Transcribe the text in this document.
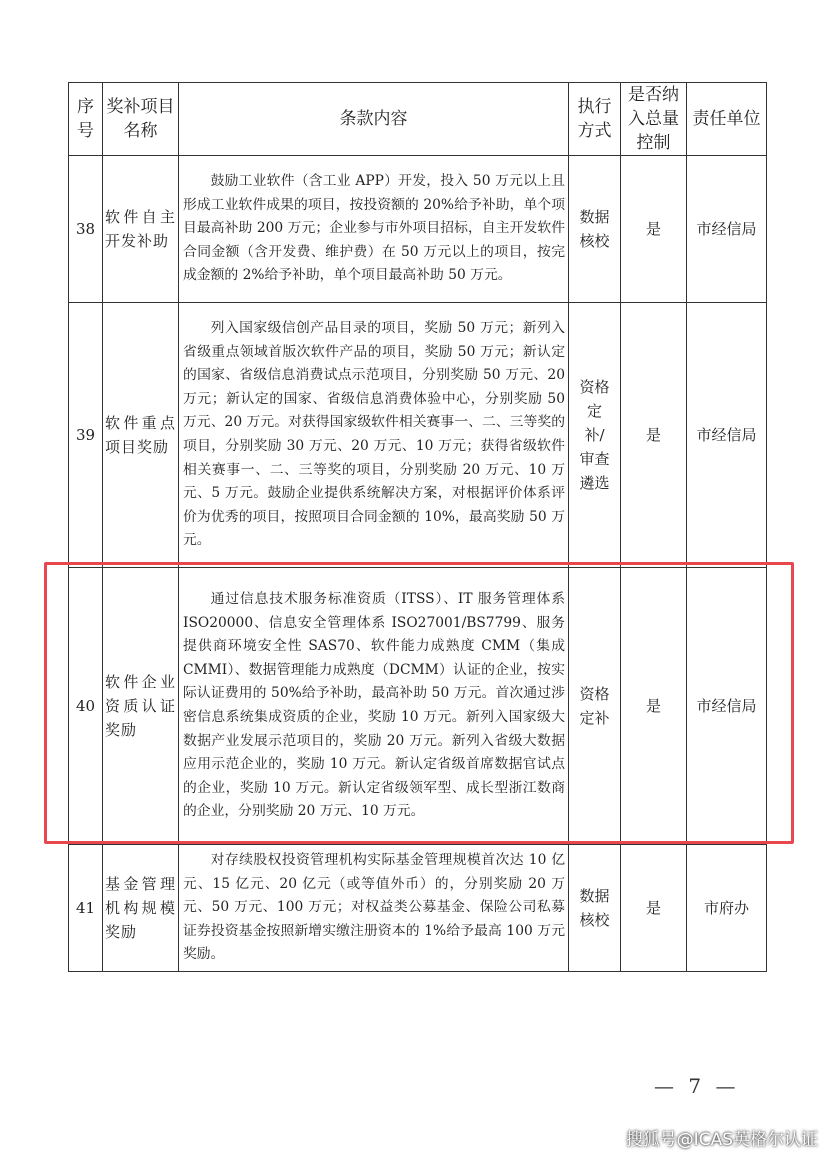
序号	奖补项目名称	条款内容	执行方式	是否纳入总量控制	责任单位
38	软件自主开发补助	鼓励工业软件（含工业 APP）开发，投入 50 万元以上且形成工业软件成果的项目，按投资额的 20%给予补助，单个项目最高补助 200 万元；企业参与市外项目招标，自主开发软件合同金额（含开发费、维护费）在 50 万元以上的项目，按完成金额的 2%给予补助，单个项目最高补助 50 万元。	数据核校	是	市经信局
39	软件重点项目奖励	列入国家级信创产品目录的项目，奖励 50 万元；新列入省级重点领域首版次软件产品的项目，奖励 50 万元；新认定的国家、省级信息消费试点示范项目，分别奖励 50 万元、20 万元；新认定的国家、省级信息消费体验中心，分别奖励 50 万元、20 万元。对获得国家级软件相关赛事一、二、三等奖的项目，分别奖励 30 万元、20 万元、10 万元；获得省级软件相关赛事一、二、三等奖的项目，分别奖励 20 万元、10 万元、5 万元。鼓励企业提供系统解决方案，对根据评价体系评价为优秀的项目，按照项目合同金额的 10%，最高奖励 50 万元。	资格定补/审查遴选	是	市经信局
40	软件企业资质认证奖励	通过信息技术服务标准资质（ITSS）、IT 服务管理体系 ISO20000、信息安全管理体系 ISO27001/BS7799、服务提供商环境安全性 SAS70、软件能力成熟度 CMM（集成 CMMI）、数据管理能力成熟度（DCMM）认证的企业，按实际认证费用的 50%给予补助，最高补助 50 万元。首次通过涉密信息系统集成资质的企业，奖励 10 万元。新列入国家级大数据产业发展示范项目的，奖励 20 万元。新列入省级大数据应用示范企业的，奖励 10 万元。新认定省级首席数据官试点的企业，奖励 10 万元。新认定省级领军型、成长型浙江数商的企业，分别奖励 20 万元、10 万元。	资格定补	是	市经信局
41	基金管理机构规模奖励	对存续股权投资管理机构实际基金管理规模首次达 10 亿元、15 亿元、20 亿元（或等值外币）的，分别奖励 20 万元、50 万元、100 万元；对权益类公募基金、保险公司私募证券投资基金按照新增实缴注册资本的 1%给予最高 100 万元奖励。	数据核校	是	市府办
— 7 —
搜狐号@ICAS英格尔认证
